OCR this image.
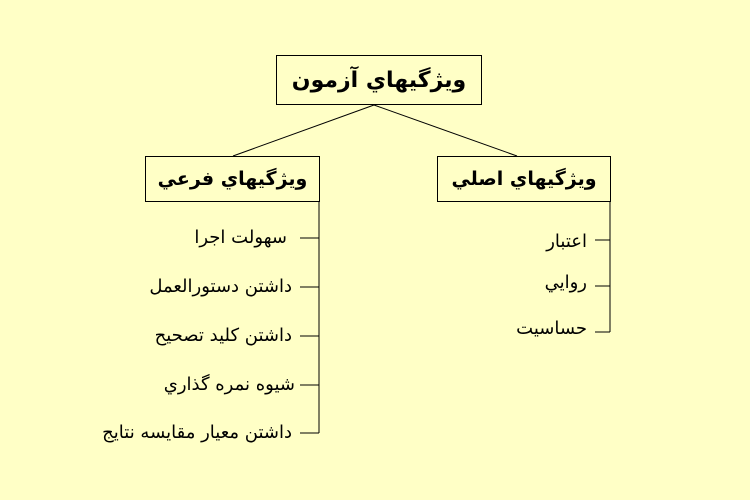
ويژگيهاي آزمون
ويژگيهاي فرعي	ويژگيهاي اصلي
سهولت اجرا
داشتن دستورالعمل
داشتن كليد تصحيح
شيوه نمره گذاري
داشتن معيار مقايسه نتايج
اعتبار
روايي
حساسيت
